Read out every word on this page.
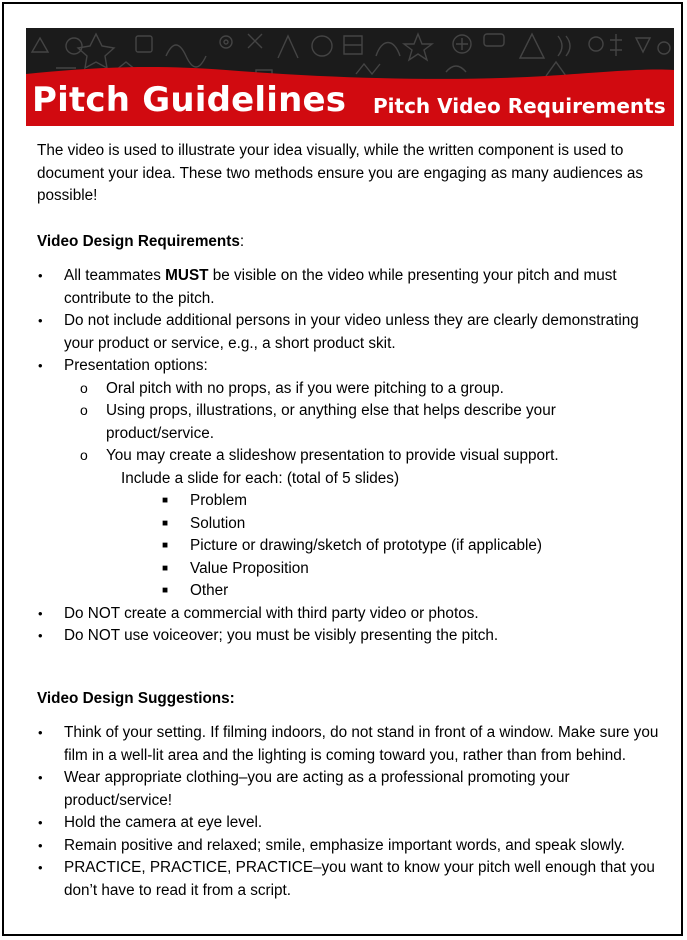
Pitch Guidelines Pitch Video Requirements

The video is used to illustrate your idea visually, while the written component is used to document your idea. These two methods ensure you are engaging as many audiences as possible!

Video Design Requirements:

• All teammates MUST be visible on the video while presenting your pitch and must contribute to the pitch.
• Do not include additional persons in your video unless they are clearly demonstrating your product or service, e.g., a short product skit.
• Presentation options:
o Oral pitch with no props, as if you were pitching to a group.
o Using props, illustrations, or anything else that helps describe your product/service.
o You may create a slideshow presentation to provide visual support.
Include a slide for each: (total of 5 slides)
■ Problem
■ Solution
■ Picture or drawing/sketch of prototype (if applicable)
■ Value Proposition
■ Other
• Do NOT create a commercial with third party video or photos.
• Do NOT use voiceover; you must be visibly presenting the pitch.

Video Design Suggestions:

• Think of your setting. If filming indoors, do not stand in front of a window. Make sure you film in a well-lit area and the lighting is coming toward you, rather than from behind.
• Wear appropriate clothing–you are acting as a professional promoting your product/service!
• Hold the camera at eye level.
• Remain positive and relaxed; smile, emphasize important words, and speak slowly.
• PRACTICE, PRACTICE, PRACTICE–you want to know your pitch well enough that you don’t have to read it from a script.
